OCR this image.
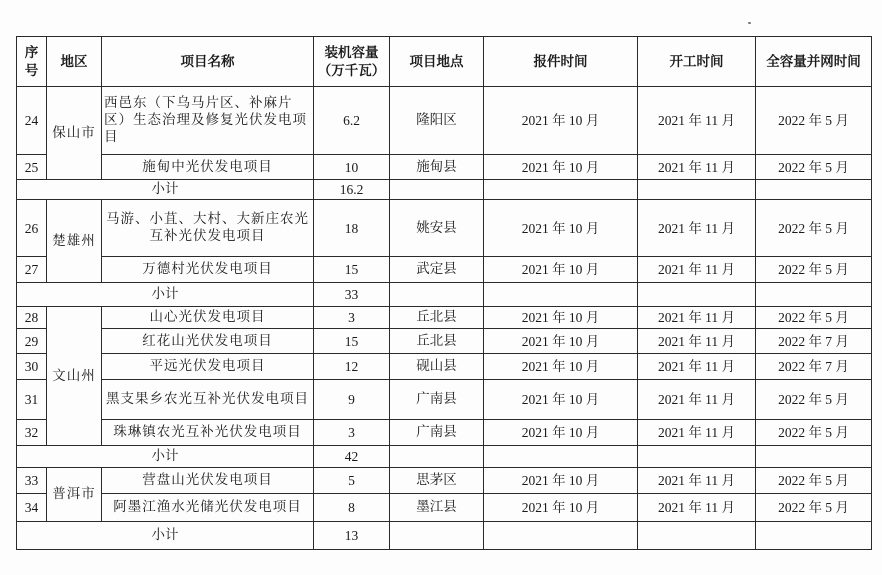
序号	地区	项目名称	装机容量（万千瓦）	项目地点	报件时间	开工时间	全容量并网时间
24	保山市	西邑东（下乌马片区、补麻片区）生态治理及修复光伏发电项目	6.2	隆阳区	2021 年 10 月	2021 年 11 月	2022 年 5 月
25		施甸中光伏发电项目	10	施甸县	2021 年 10 月	2021 年 11 月	2022 年 5 月
小计			16.2				
26	楚雄州	马游、小苴、大村、大新庄农光互补光伏发电项目	18	姚安县	2021 年 10 月	2021 年 11 月	2022 年 5 月
27		万德村光伏发电项目	15	武定县	2021 年 10 月	2021 年 11 月	2022 年 5 月
小计			33				
28	文山州	山心光伏发电项目	3	丘北县	2021 年 10 月	2021 年 11 月	2022 年 5 月
29		红花山光伏发电项目	15	丘北县	2021 年 10 月	2021 年 11 月	2022 年 7 月
30		平远光伏发电项目	12	砚山县	2021 年 10 月	2021 年 11 月	2022 年 7 月
31		黑支果乡农光互补光伏发电项目	9	广南县	2021 年 10 月	2021 年 11 月	2022 年 5 月
32		珠琳镇农光互补光伏发电项目	3	广南县	2021 年 10 月	2021 年 11 月	2022 年 5 月
小计			42				
33	普洱市	营盘山光伏发电项目	5	思茅区	2021 年 10 月	2021 年 11 月	2022 年 5 月
34		阿墨江渔水光储光伏发电项目	8	墨江县	2021 年 10 月	2021 年 11 月	2022 年 5 月
小计			13				
